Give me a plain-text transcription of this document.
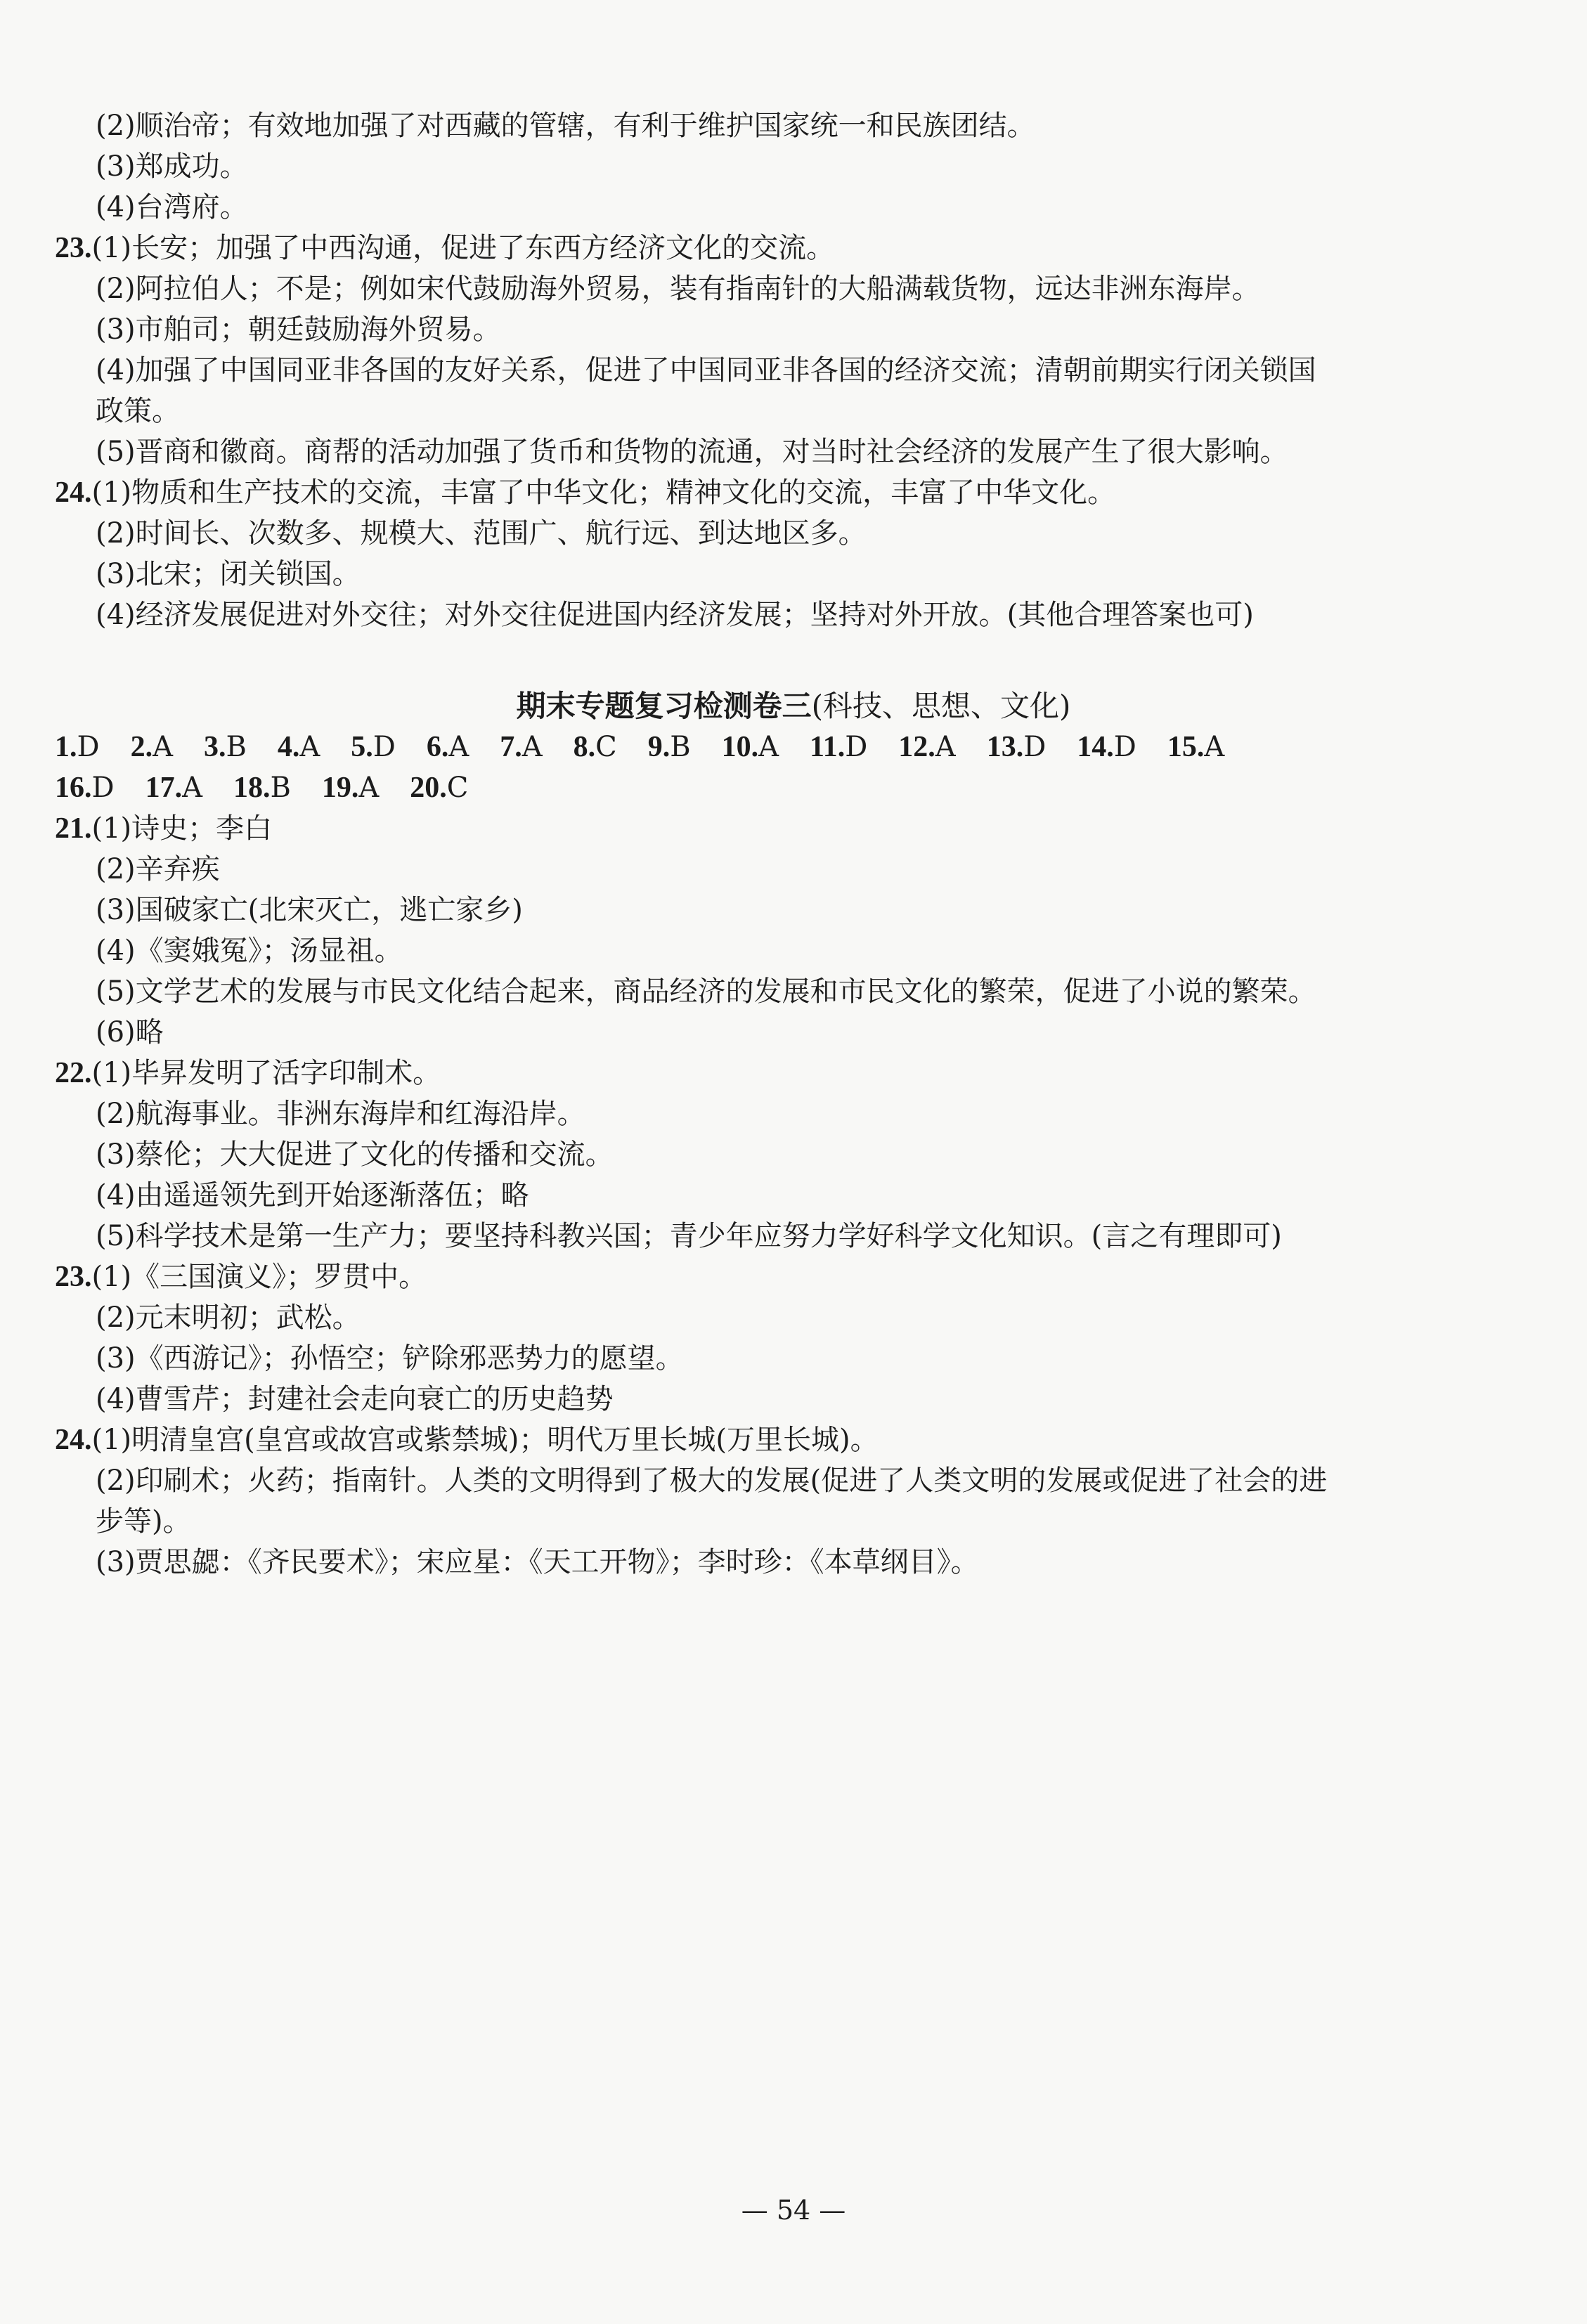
(2)顺治帝；有效地加强了对西藏的管辖，有利于维护国家统一和民族团结。
(3)郑成功。
(4)台湾府。
23.(1)长安；加强了中西沟通，促进了东西方经济文化的交流。
(2)阿拉伯人；不是；例如宋代鼓励海外贸易，装有指南针的大船满载货物，远达非洲东海岸。
(3)市舶司；朝廷鼓励海外贸易。
(4)加强了中国同亚非各国的友好关系，促进了中国同亚非各国的经济交流；清朝前期实行闭关锁国
政策。
(5)晋商和徽商。商帮的活动加强了货币和货物的流通，对当时社会经济的发展产生了很大影响。
24.(1)物质和生产技术的交流，丰富了中华文化；精神文化的交流，丰富了中华文化。
(2)时间长、次数多、规模大、范围广、航行远、到达地区多。
(3)北宋；闭关锁国。
(4)经济发展促进对外交往；对外交往促进国内经济发展；坚持对外开放。(其他合理答案也可)
期末专题复习检测卷三(科技、思想、文化)
1.D 2.A 3.B 4.A 5.D 6.A 7.A 8.C 9.B 10.A 11.D 12.A 13.D 14.D 15.A
16.D 17.A 18.B 19.A 20.C
21.(1)诗史；李白
(2)辛弃疾
(3)国破家亡(北宋灭亡，逃亡家乡)
(4)《窦娥冤》；汤显祖。
(5)文学艺术的发展与市民文化结合起来，商品经济的发展和市民文化的繁荣，促进了小说的繁荣。
(6)略
22.(1)毕昇发明了活字印制术。
(2)航海事业。非洲东海岸和红海沿岸。
(3)蔡伦；大大促进了文化的传播和交流。
(4)由遥遥领先到开始逐渐落伍；略
(5)科学技术是第一生产力；要坚持科教兴国；青少年应努力学好科学文化知识。(言之有理即可)
23.(1)《三国演义》；罗贯中。
(2)元末明初；武松。
(3)《西游记》；孙悟空；铲除邪恶势力的愿望。
(4)曹雪芹；封建社会走向衰亡的历史趋势
24.(1)明清皇宫(皇宫或故宫或紫禁城)；明代万里长城(万里长城)。
(2)印刷术；火药；指南针。人类的文明得到了极大的发展(促进了人类文明的发展或促进了社会的进
步等)。
(3)贾思勰：《齐民要术》；宋应星：《天工开物》；李时珍：《本草纲目》。
— 54 —
